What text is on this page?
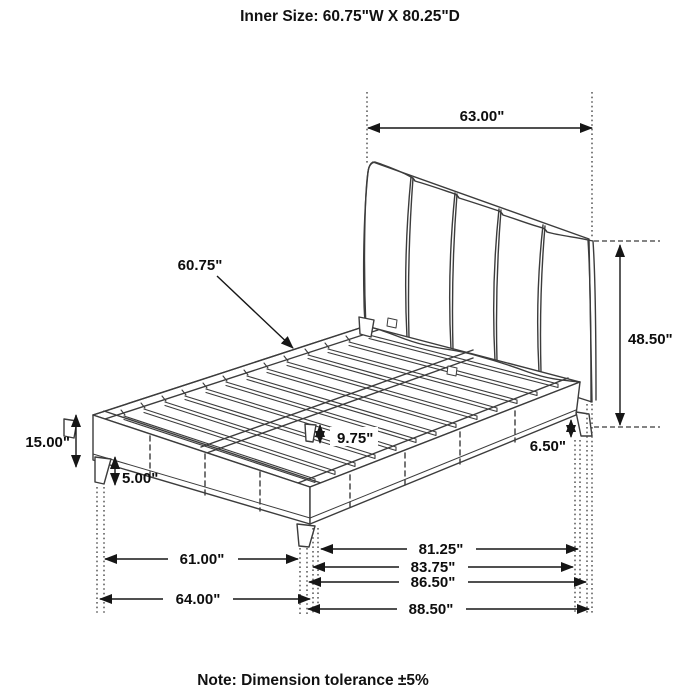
Inner Size: 60.75"W X 80.25"D
63.00"
60.75"
48.50"
15.00"
5.00"
9.75"	6.50"
61.00"
64.00"
81.25"
83.75"
86.50"
88.50"
Note: Dimension tolerance ±5%
